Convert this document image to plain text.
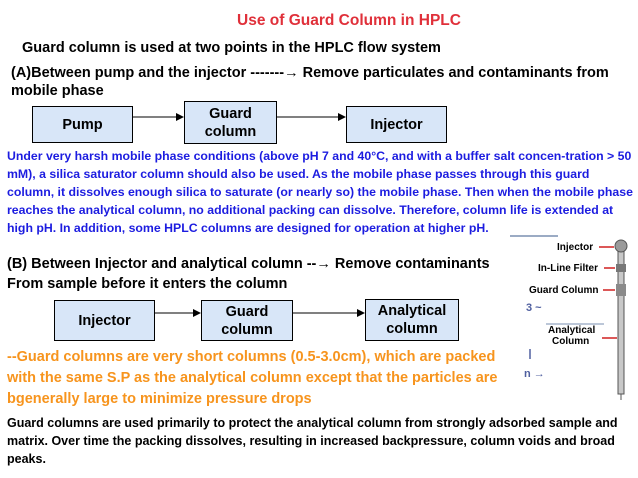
Use of Guard Column in HPLC
Guard column is used at two points in the HPLC flow system
(A)Between pump and the injector -------→ Remove particulates and contaminants from mobile phase
Pump
Guard
column	Injector
Under very harsh mobile phase conditions (above pH 7 and 40°C, and with a buffer salt concen-tration > 50 mM), a silica saturator column should also be used. As the mobile phase passes through this guard column, it dissolves enough silica to saturate (or nearly so) the mobile phase. Then when the mobile phase reaches the analytical column, no additional packing can dissolve. Therefore, column life is extended at high pH. In addition, some HPLC columns are designed for operation at higher pH.
(B) Between Injector and analytical column --→ Remove contaminants
From sample before it enters the column
Injector
Guard
column
Analytical
column
--Guard columns are very short columns (0.5-3.0cm), which are packed with the same S.P as the analytical column except that the particles are bgenerally large to minimize pressure drops
Guard columns are used primarily to protect the analytical column from strongly adsorbed sample and matrix. Over time the packing dissolves, resulting in increased backpressure, column voids and broad peaks.
3 ~
n →
Injector
In-Line Filter
Guard Column
Analytical Column
